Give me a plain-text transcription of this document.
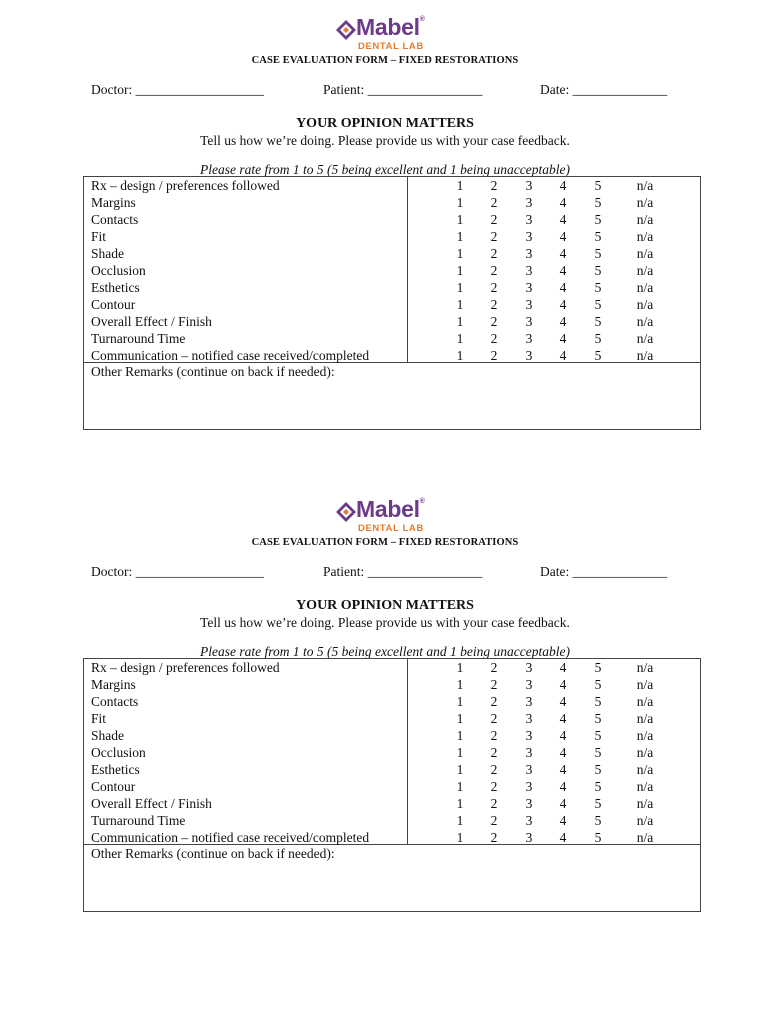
Mabel®
DENTAL LAB
CASE EVALUATION FORM – FIXED RESTORATIONS
Doctor: ___________________	Patient: _________________	Date: ______________
YOUR OPINION MATTERS
Tell us how we’re doing. Please provide us with your case feedback.
Please rate from 1 to 5 (5 being excellent and 1 being unacceptable)
Rx – design / preferences followed	1	2	3	4	5	n/a
Margins	1	2	3	4	5	n/a
Contacts	1	2	3	4	5	n/a
Fit	1	2	3	4	5	n/a
Shade	1	2	3	4	5	n/a
Occlusion	1	2	3	4	5	n/a
Esthetics	1	2	3	4	5	n/a
Contour	1	2	3	4	5	n/a
Overall Effect / Finish	1	2	3	4	5	n/a
Turnaround Time	1	2	3	4	5	n/a
Communication – notified case received/completed	1	2	3	4	5	n/a
Other Remarks (continue on back if needed):
Mabel®
DENTAL LAB
CASE EVALUATION FORM – FIXED RESTORATIONS
Doctor: ___________________	Patient: _________________	Date: ______________
YOUR OPINION MATTERS
Tell us how we’re doing. Please provide us with your case feedback.
Please rate from 1 to 5 (5 being excellent and 1 being unacceptable)
Rx – design / preferences followed	1	2	3	4	5	n/a
Margins	1	2	3	4	5	n/a
Contacts	1	2	3	4	5	n/a
Fit	1	2	3	4	5	n/a
Shade	1	2	3	4	5	n/a
Occlusion	1	2	3	4	5	n/a
Esthetics	1	2	3	4	5	n/a
Contour	1	2	3	4	5	n/a
Overall Effect / Finish	1	2	3	4	5	n/a
Turnaround Time	1	2	3	4	5	n/a
Communication – notified case received/completed	1	2	3	4	5	n/a
Other Remarks (continue on back if needed):
